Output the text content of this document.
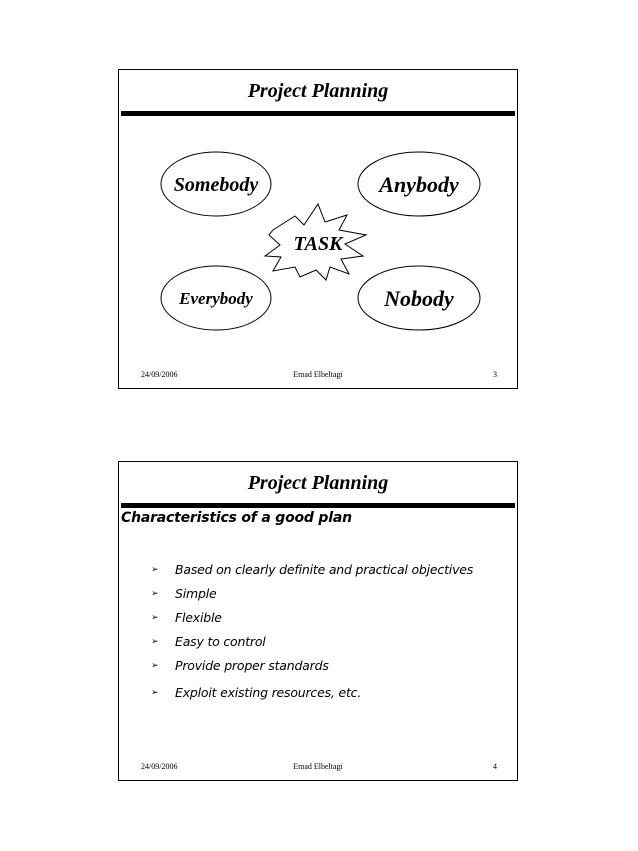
Project Planning
Somebody	Anybody
Everybody	Nobody
TASK
24/09/2006	Emad Elbeltagi	3
Project Planning
Characteristics of a good plan
➢ Based on clearly definite and practical objectives
➢ Simple
➢ Flexible
➢ Easy to control
➢ Provide proper standards
➢ Exploit existing resources, etc.
24/09/2006	Emad Elbeltagi	4
